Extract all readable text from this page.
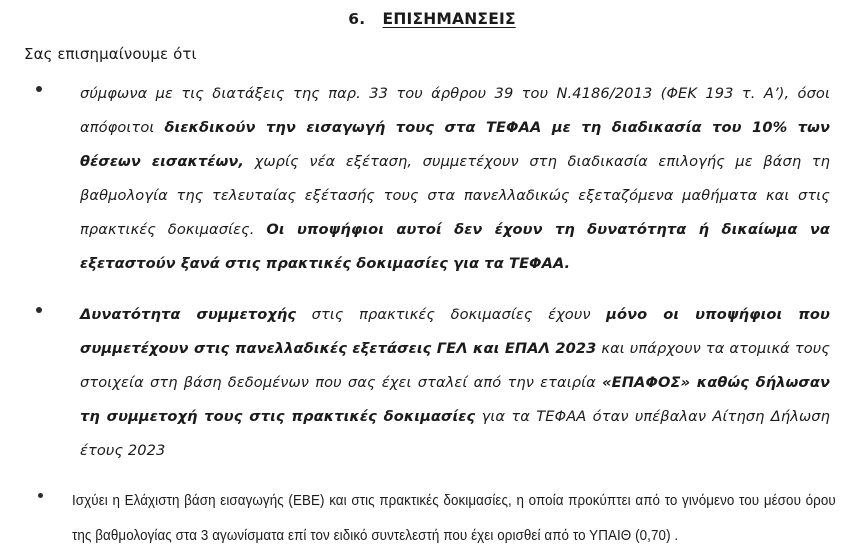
6. ΕΠΙΣΗΜΑΝΣΕΙΣ
Σας επισημαίνουμε ότι
σύμφωνα με τις διατάξεις της παρ. 33 του άρθρου 39 του Ν.4186/2013 (ΦΕΚ 193 τ. Α’), όσοι απόφοιτοι διεκδικούν την εισαγωγή τους στα ΤΕΦΑΑ με τη διαδικασία του 10% των θέσεων εισακτέων, χωρίς νέα εξέταση, συμμετέχουν στη διαδικασία επιλογής με βάση τη βαθμολογία της τελευταίας εξέτασής τους στα πανελλαδικώς εξεταζόμενα μαθήματα και στις πρακτικές δοκιμασίες. Οι υποψήφιοι αυτοί δεν έχουν τη δυνατότητα ή δικαίωμα να εξεταστούν ξανά στις πρακτικές δοκιμασίες για τα ΤΕΦΑΑ.
Δυνατότητα συμμετοχής στις πρακτικές δοκιμασίες έχουν μόνο οι υποψήφιοι που συμμετέχουν στις πανελλαδικές εξετάσεις ΓΕΛ και ΕΠΑΛ 2023 και υπάρχουν τα ατομικά τους στοιχεία στη βάση δεδομένων που σας έχει σταλεί από την εταιρία «ΕΠΑΦΟΣ» καθώς δήλωσαν τη συμμετοχή τους στις πρακτικές δοκιμασίες για τα ΤΕΦΑΑ όταν υπέβαλαν Αίτηση Δήλωση έτους 2023
Ισχύει η Ελάχιστη βάση εισαγωγής (ΕΒΕ) και στις πρακτικές δοκιμασίες, η οποία προκύπτει από το γινόμενο του μέσου όρου της βαθμολογίας στα 3 αγωνίσματα επί τον ειδικό συντελεστή που έχει ορισθεί από το ΥΠΑΙΘ (0,70) .
